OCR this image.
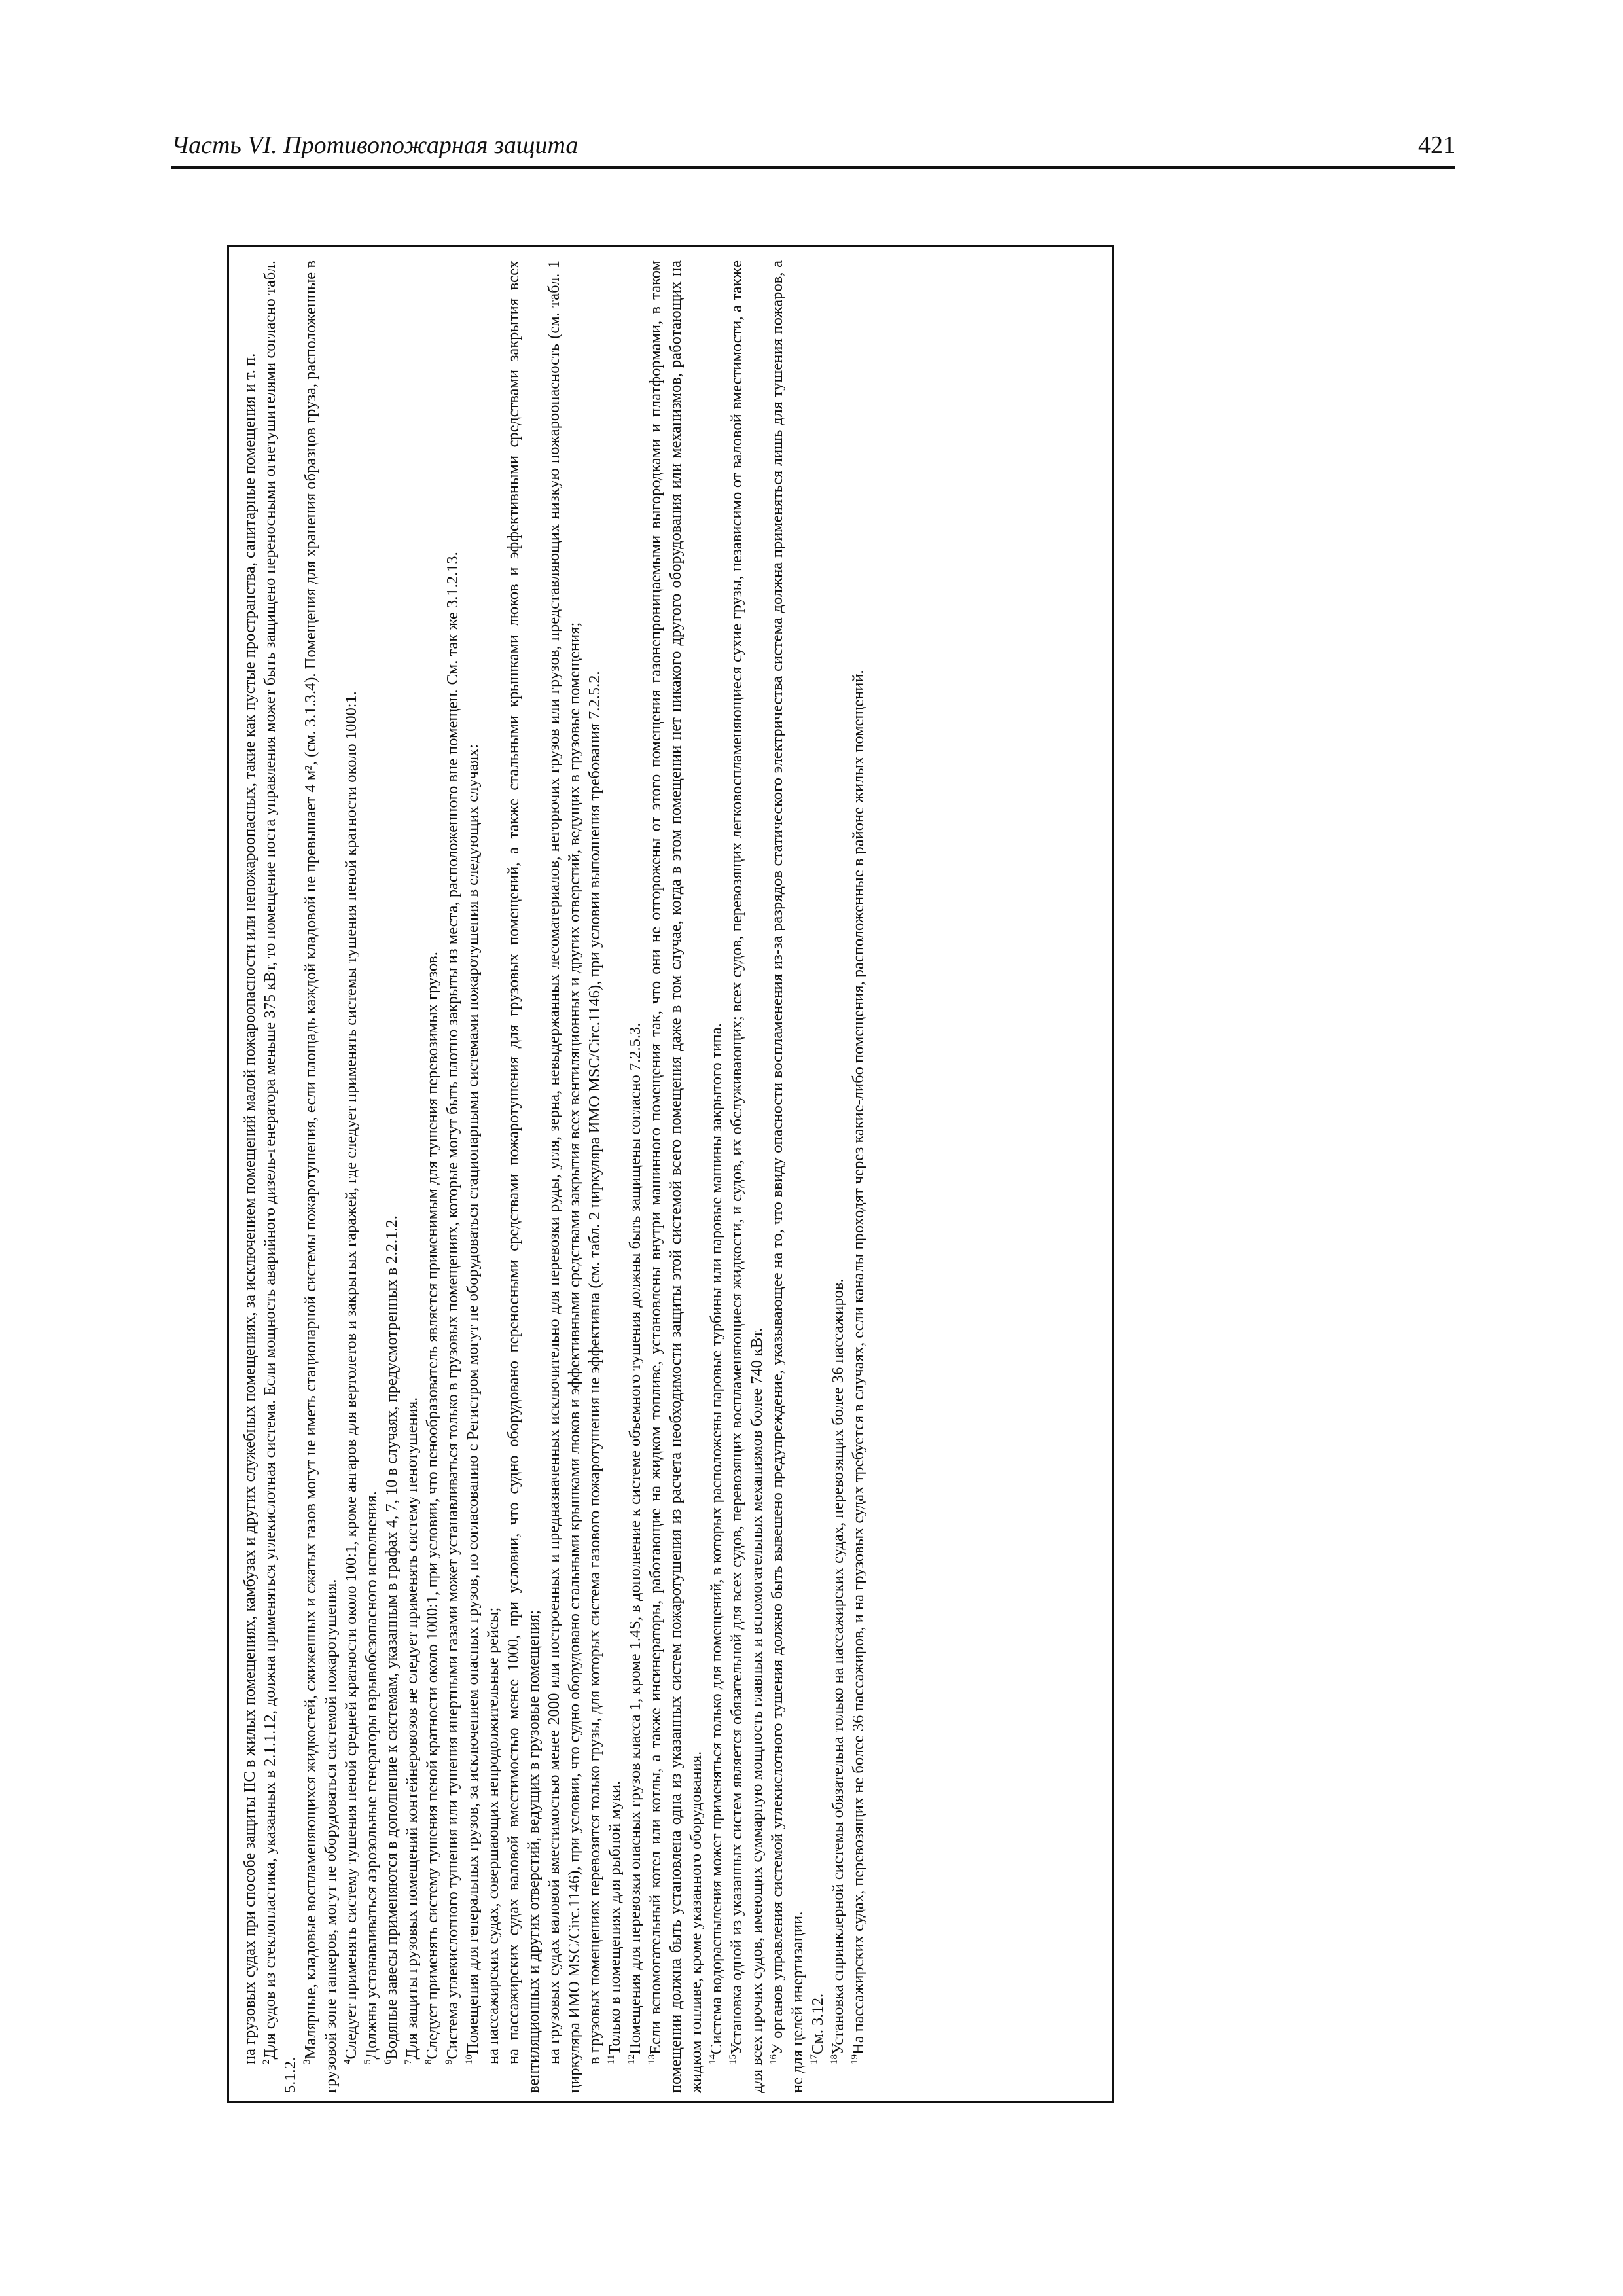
Часть VI. Противопожарная защита	421

на грузовых судах при способе защиты IIС в жилых помещениях, камбузах и других служебных помещениях, за исключением помещений малой пожароопасности или непожароопасных, такие как пустые пространства, санитарные помещения и т. п. $^2$Для судов из стеклопластика, указанных в 2.1.1.12, должна применяться углекислотная система. Если мощность аварийного дизель-генератора меньше 375 кВт, то помещение поста управления может быть защищено переносными огнетушителями согласно табл. 5.1.2. $^3$Малярные, кладовые воспламеняющихся жидкостей, сжиженных и сжатых газов могут не иметь стационарной системы пожаротушения, если площадь каждой кладовой не превышает 4 м², (см. 3.1.3.4). Помещения для хранения образцов груза, расположенные в грузовой зоне танкеров, могут не оборудоваться системой пожаротушения. $^4$Следует применять систему тушения пеной средней кратности около 100:1, кроме ангаров для вертолетов и закрытых гаражей, где следует применять системы тушения пеной кратности около 1000:1.

$^5$Должны устанавливаться аэрозольные генераторы взрывобезопасного исполнения.

$^6$Водяные завесы применяются в дополнение к системам, указанным в графах 4, 7, 10 в случаях, предусмотренных в 2.2.1.2.

$^7$Для защиты грузовых помещений контейнеровозов не следует применять систему пенотушения.

$^8$Следует применять систему тушения пеной кратности около 1000:1, при условии, что пенообразователь является применимым для тушения перевозимых грузов.

$^9$Система углекислотного тушения или тушения инертными газами может устанавливаться только в грузовых помещениях, которые могут быть плотно закрыты из места, расположенного вне помещен. См. так же 3.1.2.13. $^{10}$Помещения для генеральных грузов, за исключением опасных грузов, по согласованию с Регистром могут не оборудоваться стационарными системами пожаротушения в следующих случаях: на пассажирских судах, совершающих непродолжительные рейсы; на пассажирских судах валовой вместимостью менее 1000, при условии, что судно оборудовано переносными средствами пожаротушения для грузовых помещений, а также стальными крышками люков и эффективными средствами закрытия всех вентиляционных и других отверстий, ведущих в грузовые помещения; на грузовых судах валовой вместимостью менее 2000 или построенных и предназначенных исключительно для перевозки руды, угля, зерна, невыдержанных лесоматериалов, негорючих грузов или грузов, представляющих низкую пожароопасность (см. табл. 1 циркуляра ИМО MSC/Circ.1146), при условии, что судно оборудовано стальными крышками люков и эффективными средствами закрытия всех вентиляционных и других отверстий, ведущих в грузовые помещения; в грузовых помещениях перевозятся только грузы, для которых система газового пожаротушения не эффективна (см. табл. 2 циркуляра ИМО MSC/Circ.1146), при условии выполнения требования 7.2.5.2. $^{11}$Только в помещениях для рыбной муки.

$^{12}$Помещения для перевозки опасных грузов класса 1, кроме 1.4S, в дополнение к системе объемного тушения должны быть защищены согласно 7.2.5.3.

$^{13}$Если вспомогательный котел или котлы, а также инсинераторы, работающие на жидком топливе, установлены внутри машинного помещения так, что они не отгорожены от этого помещения газонепроницаемыми выгородками и платформами, в таком помещении должна быть установлена одна из указанных систем пожаротушения из расчета необходимости защиты этой системой всего помещения даже в том случае, когда в этом помещении нет никакого другого оборудования или механизмов, работающих на жидком топливе, кроме указанного оборудования. $^{14}$Система водораспыления может применяться только для помещений, в которых расположены паровые турбины или паровые машины закрытого типа.

$^{15}$Установка одной из указанных систем является обязательной для всех судов, перевозящих воспламеняющиеся жидкости, и судов, их обслуживающих; всех судов, перевозящих легковоспламеняющиеся сухие грузы, независимо от валовой вместимости, а также для всех прочих судов, имеющих суммарную мощность главных и вспомогательных механизмов более 740 кВт. $^{16}$У органов управления системой углекислотного тушения должно быть вывешено предупреждение, указывающее на то, что ввиду опасности воспламенения из-за разрядов статического электричества система должна применяться лишь для тушения пожаров, а не для целей инертизации. $^{17}$См. 3.12.

$^{18}$Установка спринклерной системы обязательна только на пассажирских судах, перевозящих более 36 пассажиров.

$^{19}$На пассажирских судах, перевозящих не более 36 пассажиров, и на грузовых судах требуется в случаях, если каналы проходят через какие-либо помещения, расположенные в районе жилых помещений.
